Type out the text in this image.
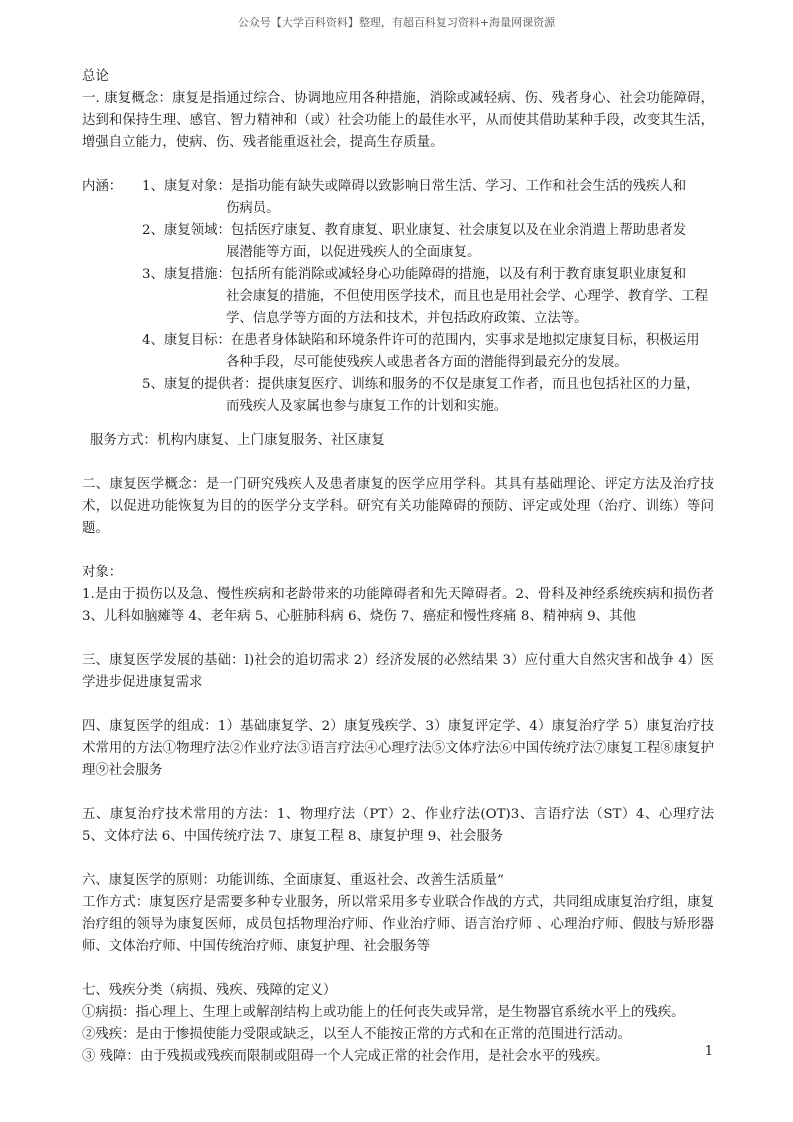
公众号【大学百科资料】整理，有超百科复习资料+海量网课资源

总论

一. 康复概念：康复是指通过综合、协调地应用各种措施，消除或减轻病、伤、残者身心、社会功能障碍，达到和保持生理、感官、智力精神和（或）社会功能上的最佳水平，从而使其借助某种手段，改变其生活，增强自立能力，使病、伤、残者能重返社会，提高生存质量。

内涵：	1、康复对象： 是指功能有缺失或障碍以致影响日常生活、学习、工作和社会生活的残疾人和

伤病员。

2、康复领域： 包括医疗康复、教育康复、职业康复、社会康复以及在业余消遣上帮助患者发

展潜能等方面，以促进残疾人的全面康复。

3、康复措施： 包括所有能消除或减轻身心功能障碍的措施，以及有利于教育康复职业康复和

社会康复的措施，不但使用医学技术，而且也是用社会学、心理学、教育学、工程学、信息学等方面的方法和技术，并包括政府政策、立法等。

4、康复目标： 在患者身体缺陷和环境条件许可的范围内，实事求是地拟定康复目标，积极运用

各种手段，尽可能使残疾人或患者各方面的潜能得到最充分的发展。

5、康复的提供者： 提供康复医疗、训练和服务的不仅是康复工作者，而且也包括社区的力量，

而残疾人及家属也参与康复工作的计划和实施。

服务方式：机构内康复、上门康复服务、社区康复

二、康复医学概念：是一门研究残疾人及患者康复的医学应用学科。其具有基础理论、评定方法及治疗技术，以促进功能恢复为目的的医学分支学科。研究有关功能障碍的预防、评定或处理（治疗、训练）等问题。

对象：

1.是由于损伤以及急、慢性疾病和老龄带来的功能障碍者和先天障碍者。2、骨科及神经系统疾病和损伤者 3、儿科如脑瘫等 4、老年病 5、心脏肺科病 6、烧伤 7、癌症和慢性疼痛 8、精神病 9、其他

三、康复医学发展的基础：l)社会的追切需求 2）经济发展的必然结果 3）应付重大自然灾害和战争 4）医学进步促进康复需求

四、康复医学的组成：1）基础康复学、2）康复残疾学、3）康复评定学、4）康复治疗学 5）康复治疗技术常用的方法①物理疗法②作业疗法③语言疗法④心理疗法⑤文体疗法⑥中国传统疗法⑦康复工程⑧康复护理⑨社会服务

五、康复治疗技术常用的方法：1、物理疗法（PT）2、作业疗法(OT)3、言语疗法（ST）4、心理疗法 5、文体疗法 6、中国传统疗法 7、康复工程 8、康复护理 9、社会服务

六、康复医学的原则：功能训练、全面康复、重返社会、改善生活质量”

工作方式：康复医疗是需要多种专业服务，所以常采用多专业联合作战的方式，共同组成康复治疗组，康复治疗组的领导为康复医师，成员包括物理治疗师、作业治疗师、语言治疗师 、心理治疗师、假肢与矫形器师、文体治疗师、中国传统治疗师、康复护理、社会服务等

七、残疾分类（病损、残疾、残障的定义）

①病损：指心理上、生理上或解剖结构上或功能上的任何丧失或异常，是生物器官系统水平上的残疾。

②残疾：是由于惨损使能力受限或缺乏，以至人不能按正常的方式和在正常的范围进行活动。

③ 残障：由于残损或残疾而限制或阻碍一个人完成正常的社会作用，是社会水平的残疾。	1
